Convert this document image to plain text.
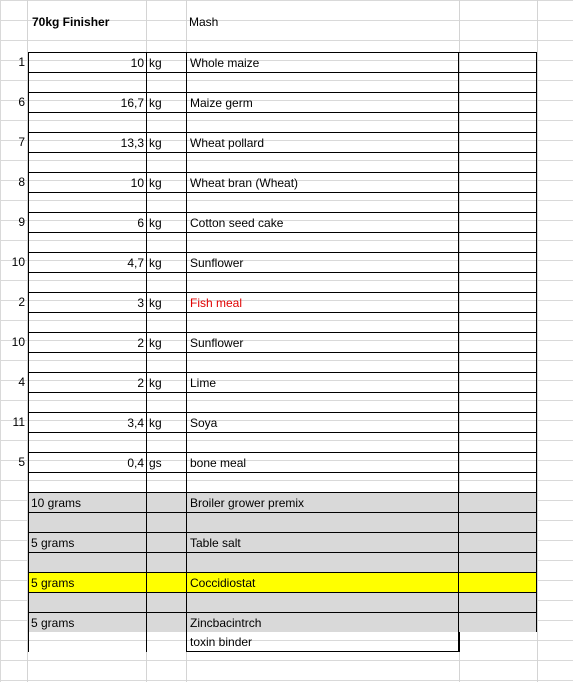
70kg Finisher	Mash
1	10 kg	Whole maize
6	16,7 kg	Maize germ
7	13,3 kg	Wheat pollard
8	10 kg	Wheat bran (Wheat)
9	6 kg	Cotton seed cake
10	4,7 kg	Sunflower
2	3 kg	Fish meal
10	2 kg	Sunflower
4	2 kg	Lime
11	3,4 kg	Soya
5	0,4 gs	bone meal
10 grams	Broiler grower premix
5 grams	Table salt
5 grams	Coccidiostat
5 grams	Zincbacintrch
toxin binder
